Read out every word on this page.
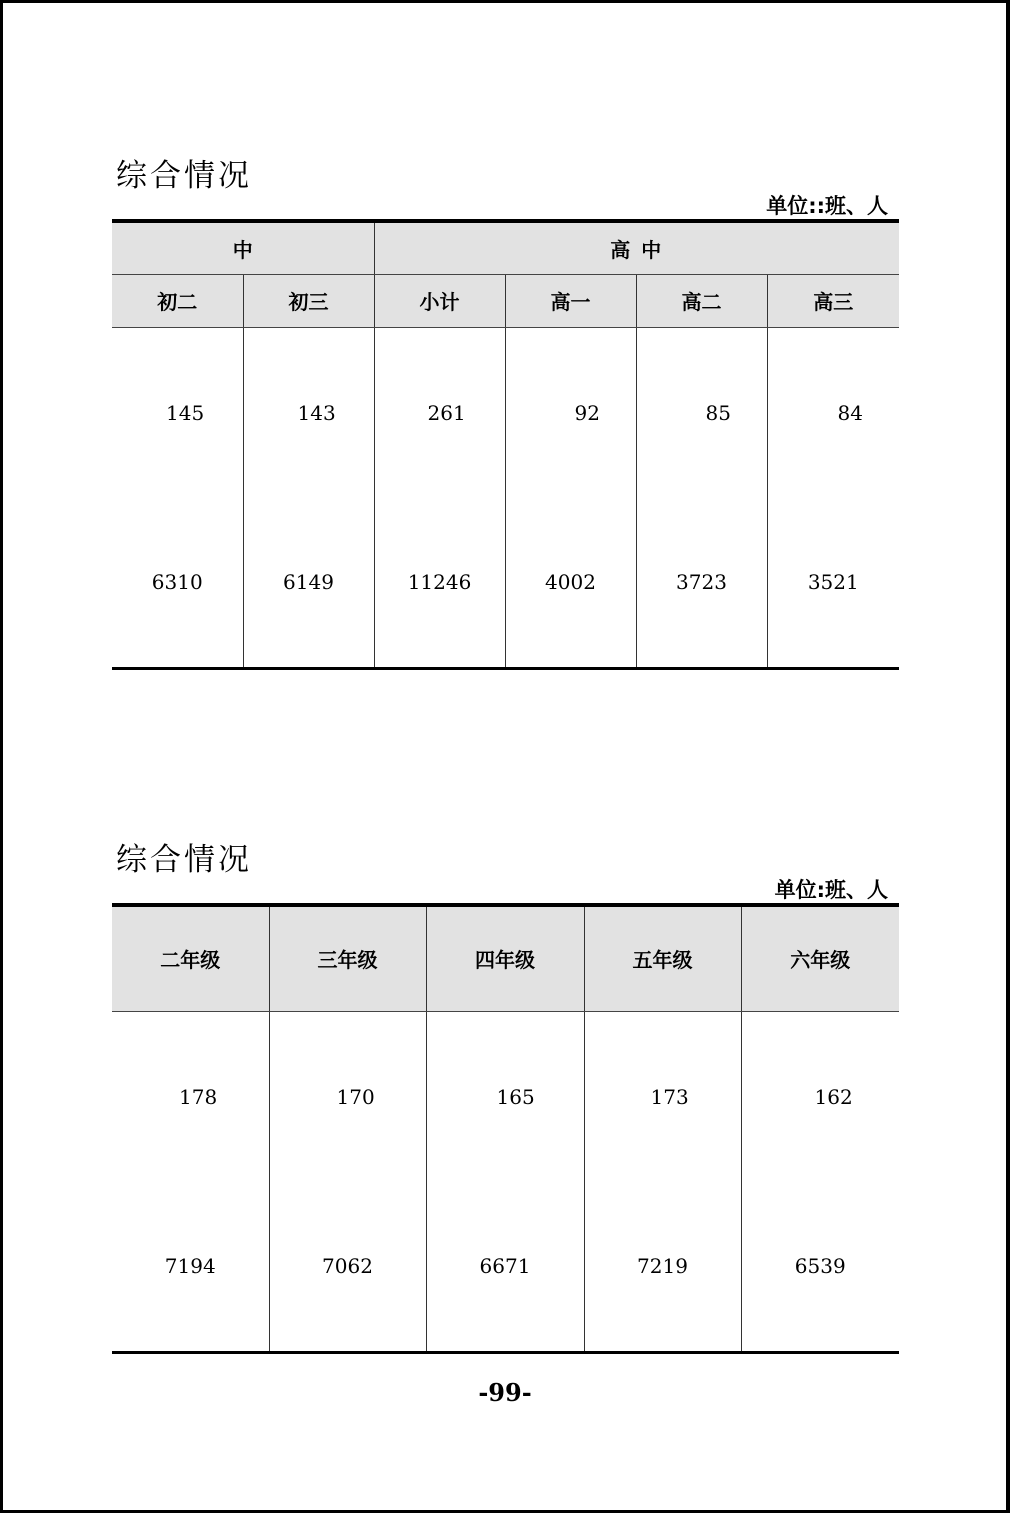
综合情况
单位::班、人
中		高 中			
初二	初三	小计	高一	高二	高三

145	143	261	92	85	84

6310	6149	11246	4002	3723	3521
综合情况
单位:班、人
二年级	三年级	四年级	五年级	六年级

178	170	165	173	162

7194	7062	6671	7219	6539
-99-
